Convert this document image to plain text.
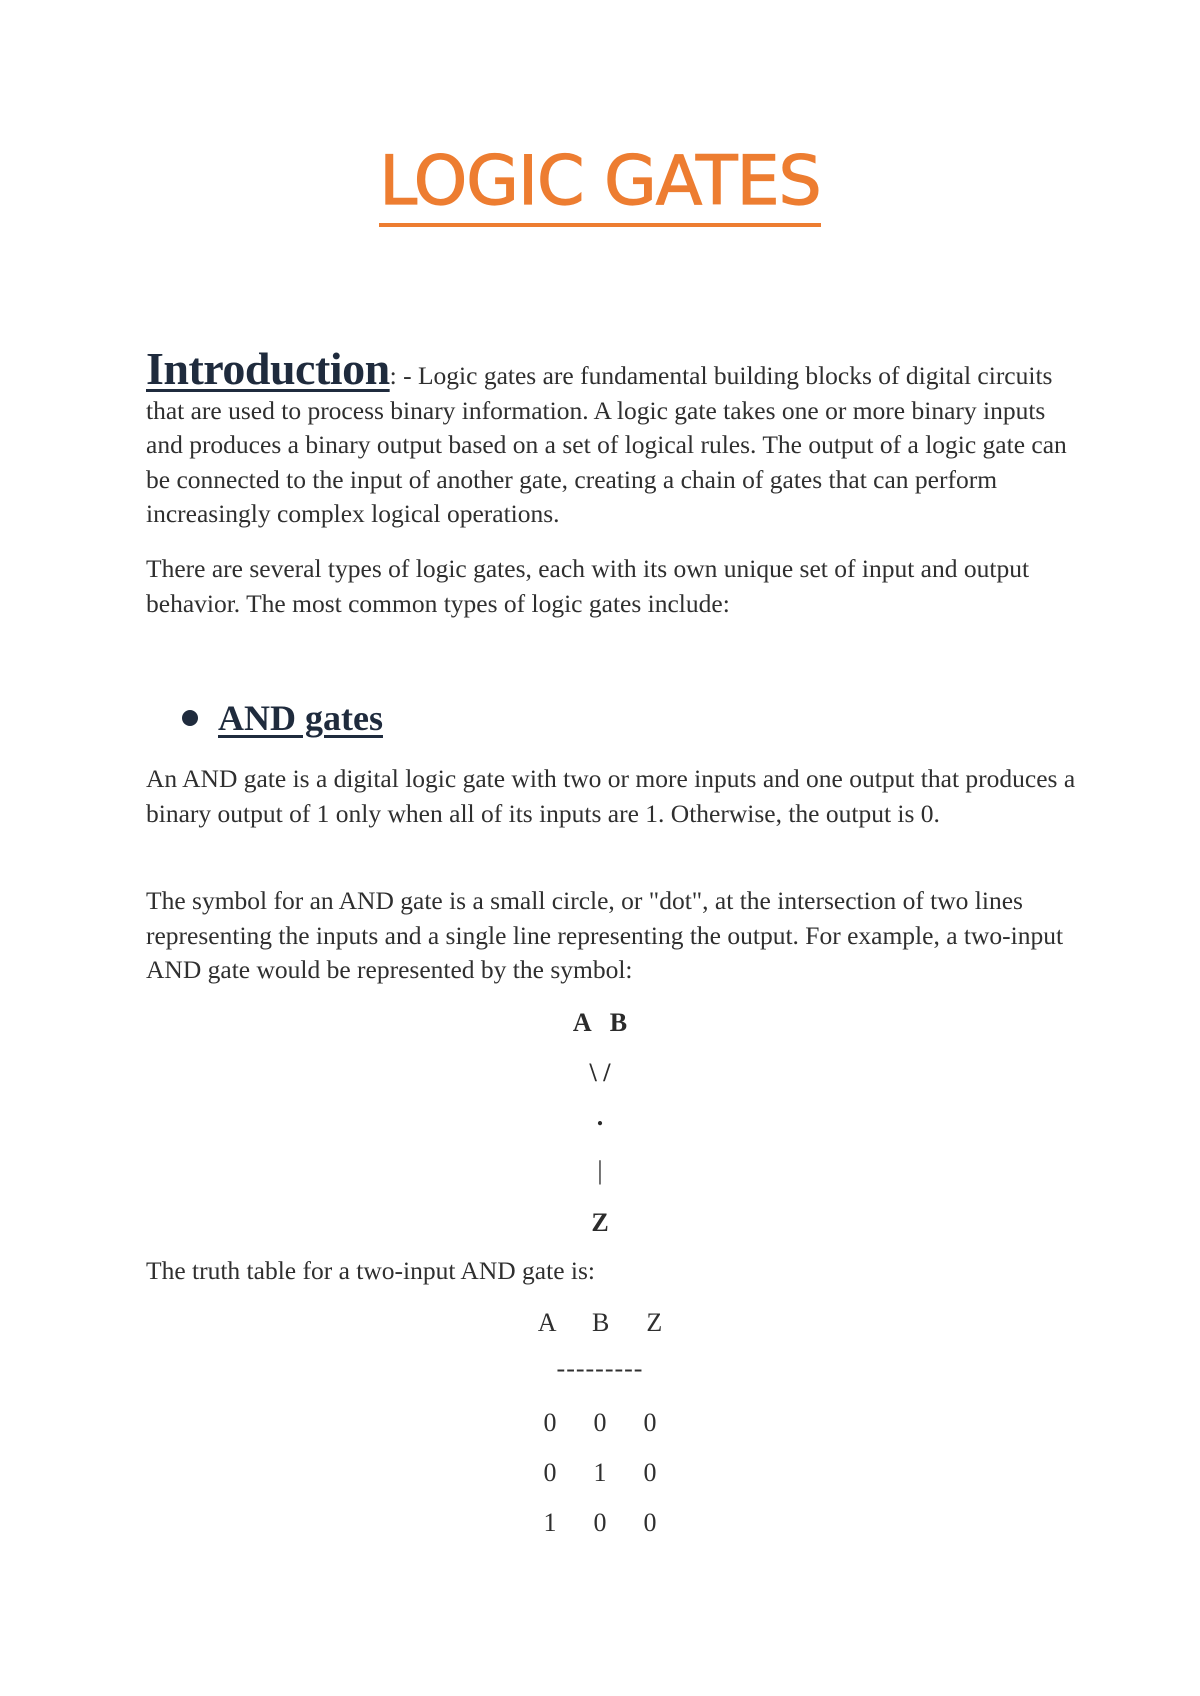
LOGIC GATES
Introduction: - Logic gates are fundamental building blocks of digital circuits that are used to process binary information. A logic gate takes one or more binary inputs and produces a binary output based on a set of logical rules. The output of a logic gate can be connected to the input of another gate, creating a chain of gates that can perform increasingly complex logical operations.
There are several types of logic gates, each with its own unique set of input and output behavior. The most common types of logic gates include:
AND gates
An AND gate is a digital logic gate with two or more inputs and one output that produces a binary output of 1 only when all of its inputs are 1. Otherwise, the output is 0.
The symbol for an AND gate is a small circle, or "dot", at the intersection of two lines representing the inputs and a single line representing the output. For example, a two-input AND gate would be represented by the symbol:
A   B
\ /
.
|
Z
The truth table for a two-input AND gate is:
A  B  Z
---------
0  0  0
0  1  0
1  0  0
